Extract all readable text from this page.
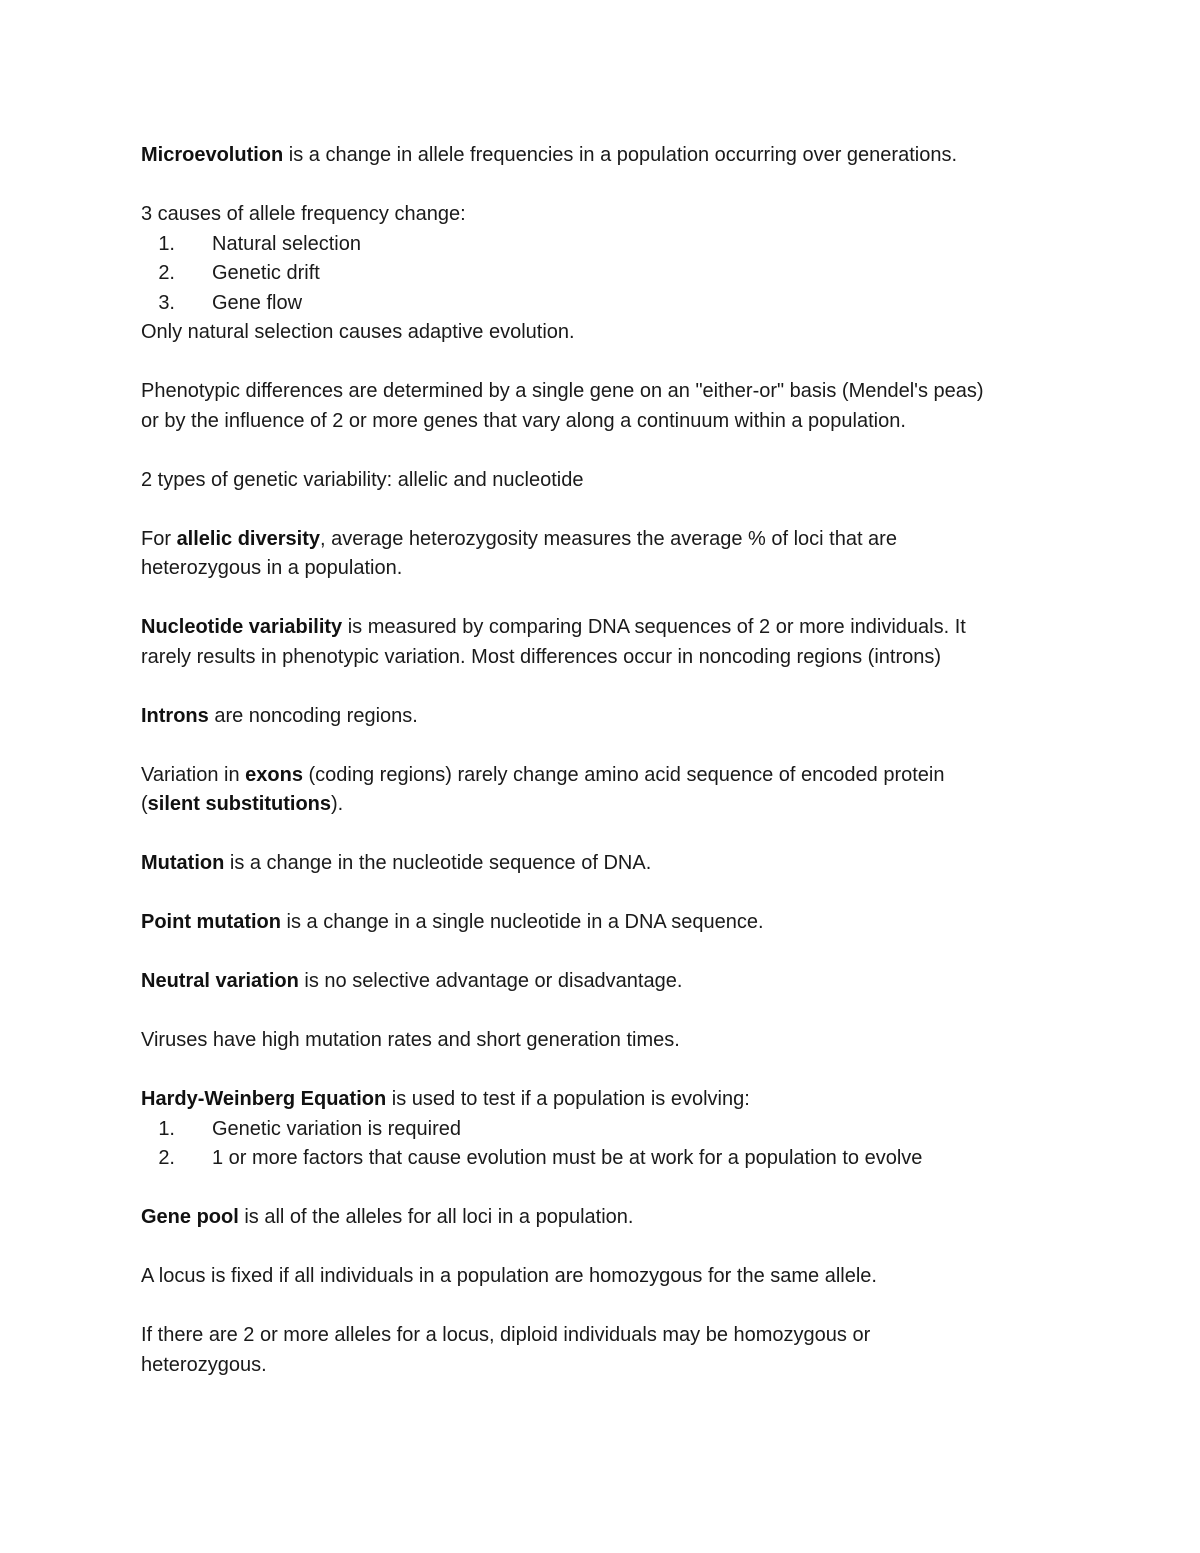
Microevolution is a change in allele frequencies in a population occurring over generations.

3 causes of allele frequency change:

1. Natural selection
2. Genetic drift
3. Gene flow

Only natural selection causes adaptive evolution.

Phenotypic differences are determined by a single gene on an "either-or" basis (Mendel's peas)
or by the influence of 2 or more genes that vary along a continuum within a population.

2 types of genetic variability: allelic and nucleotide

For allelic diversity, average heterozygosity measures the average % of loci that are
heterozygous in a population.

Nucleotide variability is measured by comparing DNA sequences of 2 or more individuals. It
rarely results in phenotypic variation. Most differences occur in noncoding regions (introns)

Introns are noncoding regions.

Variation in exons (coding regions) rarely change amino acid sequence of encoded protein
(silent substitutions).

Mutation is a change in the nucleotide sequence of DNA.

Point mutation is a change in a single nucleotide in a DNA sequence.

Neutral variation is no selective advantage or disadvantage.

Viruses have high mutation rates and short generation times.

Hardy-Weinberg Equation is used to test if a population is evolving:

1. Genetic variation is required
2. 1 or more factors that cause evolution must be at work for a population to evolve

Gene pool is all of the alleles for all loci in a population.

A locus is fixed if all individuals in a population are homozygous for the same allele.

If there are 2 or more alleles for a locus, diploid individuals may be homozygous or
heterozygous.
